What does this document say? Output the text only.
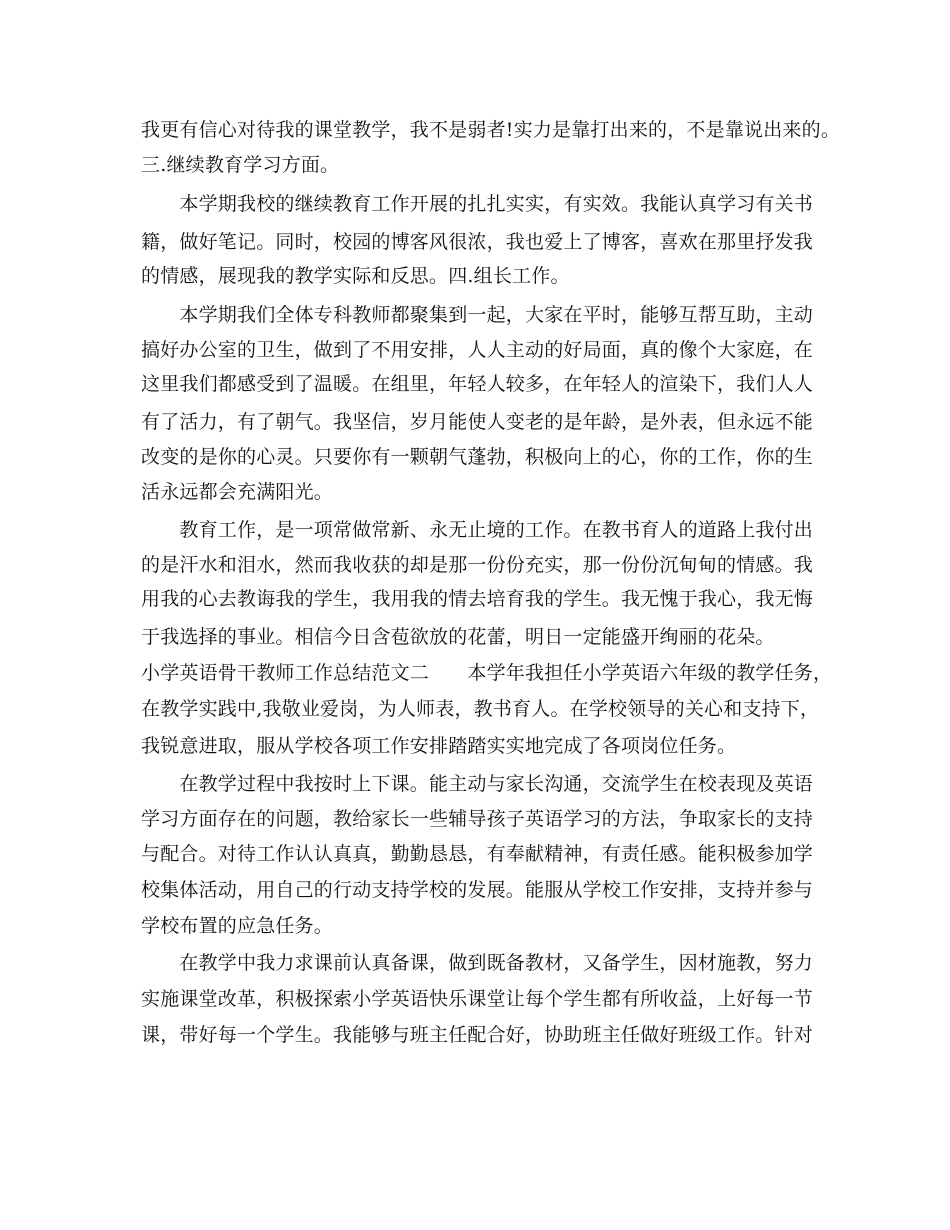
我更有信心对待我的课堂教学，我不是弱者!实力是靠打出来的，不是靠说出来的。
三.继续教育学习方面。
　　本学期我校的继续教育工作开展的扎扎实实，有实效。我能认真学习有关书
籍，做好笔记。同时，校园的博客风很浓，我也爱上了博客，喜欢在那里抒发我
的情感，展现我的教学实际和反思。四.组长工作。
　　本学期我们全体专科教师都聚集到一起，大家在平时，能够互帮互助，主动
搞好办公室的卫生，做到了不用安排，人人主动的好局面，真的像个大家庭，在
这里我们都感受到了温暖。在组里，年轻人较多，在年轻人的渲染下，我们人人
有了活力，有了朝气。我坚信，岁月能使人变老的是年龄，是外表，但永远不能
改变的是你的心灵。只要你有一颗朝气蓬勃，积极向上的心，你的工作，你的生
活永远都会充满阳光。
　　教育工作，是一项常做常新、永无止境的工作。在教书育人的道路上我付出
的是汗水和泪水，然而我收获的却是那一份份充实，那一份份沉甸甸的情感。我
用我的心去教诲我的学生，我用我的情去培育我的学生。我无愧于我心，我无悔
于我选择的事业。相信今日含苞欲放的花蕾，明日一定能盛开绚丽的花朵。
小学英语骨干教师工作总结范文二　　本学年我担任小学英语六年级的教学任务，
在教学实践中,我敬业爱岗，为人师表，教书育人。在学校领导的关心和支持下，
我锐意进取，服从学校各项工作安排踏踏实实地完成了各项岗位任务。
　　在教学过程中我按时上下课。能主动与家长沟通，交流学生在校表现及英语
学习方面存在的问题，教给家长一些辅导孩子英语学习的方法，争取家长的支持
与配合。对待工作认认真真，勤勤恳恳，有奉献精神，有责任感。能积极参加学
校集体活动，用自己的行动支持学校的发展。能服从学校工作安排，支持并参与
学校布置的应急任务。
　　在教学中我力求课前认真备课，做到既备教材，又备学生，因材施教，努力
实施课堂改革，积极探索小学英语快乐课堂让每个学生都有所收益，上好每一节
课，带好每一个学生。我能够与班主任配合好，协助班主任做好班级工作。针对
